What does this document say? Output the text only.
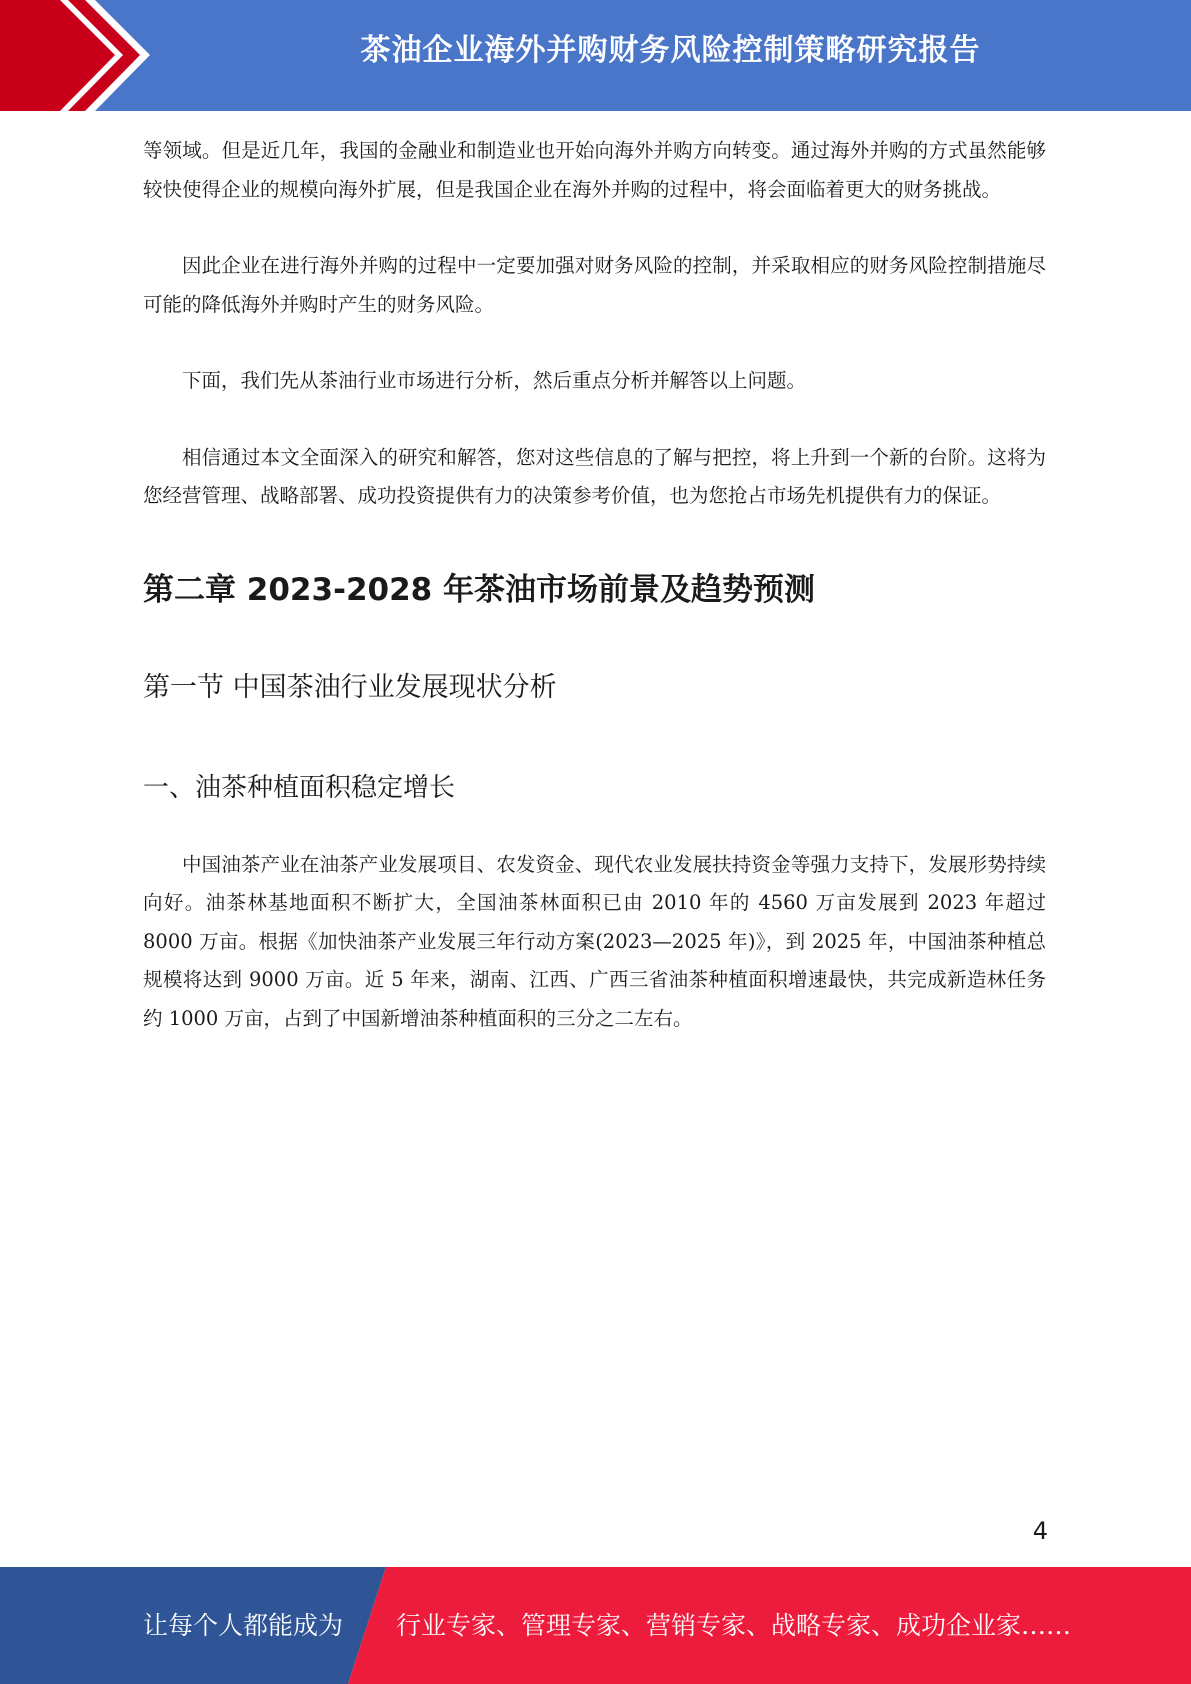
茶油企业海外并购财务风险控制策略研究报告

等领域。但是近几年，我国的金融业和制造业也开始向海外并购方向转变。通过海外并购的方式虽然能够较快使得企业的规模向海外扩展，但是我国企业在海外并购的过程中，将会面临着更大的财务挑战。

因此企业在进行海外并购的过程中一定要加强对财务风险的控制，并采取相应的财务风险控制措施尽可能的降低海外并购时产生的财务风险。

下面，我们先从茶油行业市场进行分析，然后重点分析并解答以上问题。

相信通过本文全面深入的研究和解答，您对这些信息的了解与把控，将上升到一个新的台阶。这将为您经营管理、战略部署、成功投资提供有力的决策参考价值，也为您抢占市场先机提供有力的保证。

第二章 2023-2028 年茶油市场前景及趋势预测
第一节 中国茶油行业发展现状分析
一、油茶种植面积稳定增长

中国油茶产业在油茶产业发展项目、农发资金、现代农业发展扶持资金等强力支持下，发展形势持续向好。油茶林基地面积不断扩大，全国油茶林面积已由 2010 年的 4560 万亩发展到 2023 年超过 8000 万亩。根据《加快油茶产业发展三年行动方案(2023—2025 年)》，到 2025 年，中国油茶种植总规模将达到 9000 万亩。近 5 年来，湖南、江西、广西三省油茶种植面积增速最快，共完成新造林任务约 1000 万亩，占到了中国新增油茶种植面积的三分之二左右。

4
让每个人都能成为 行业专家、管理专家、营销专家、战略专家、成功企业家……
